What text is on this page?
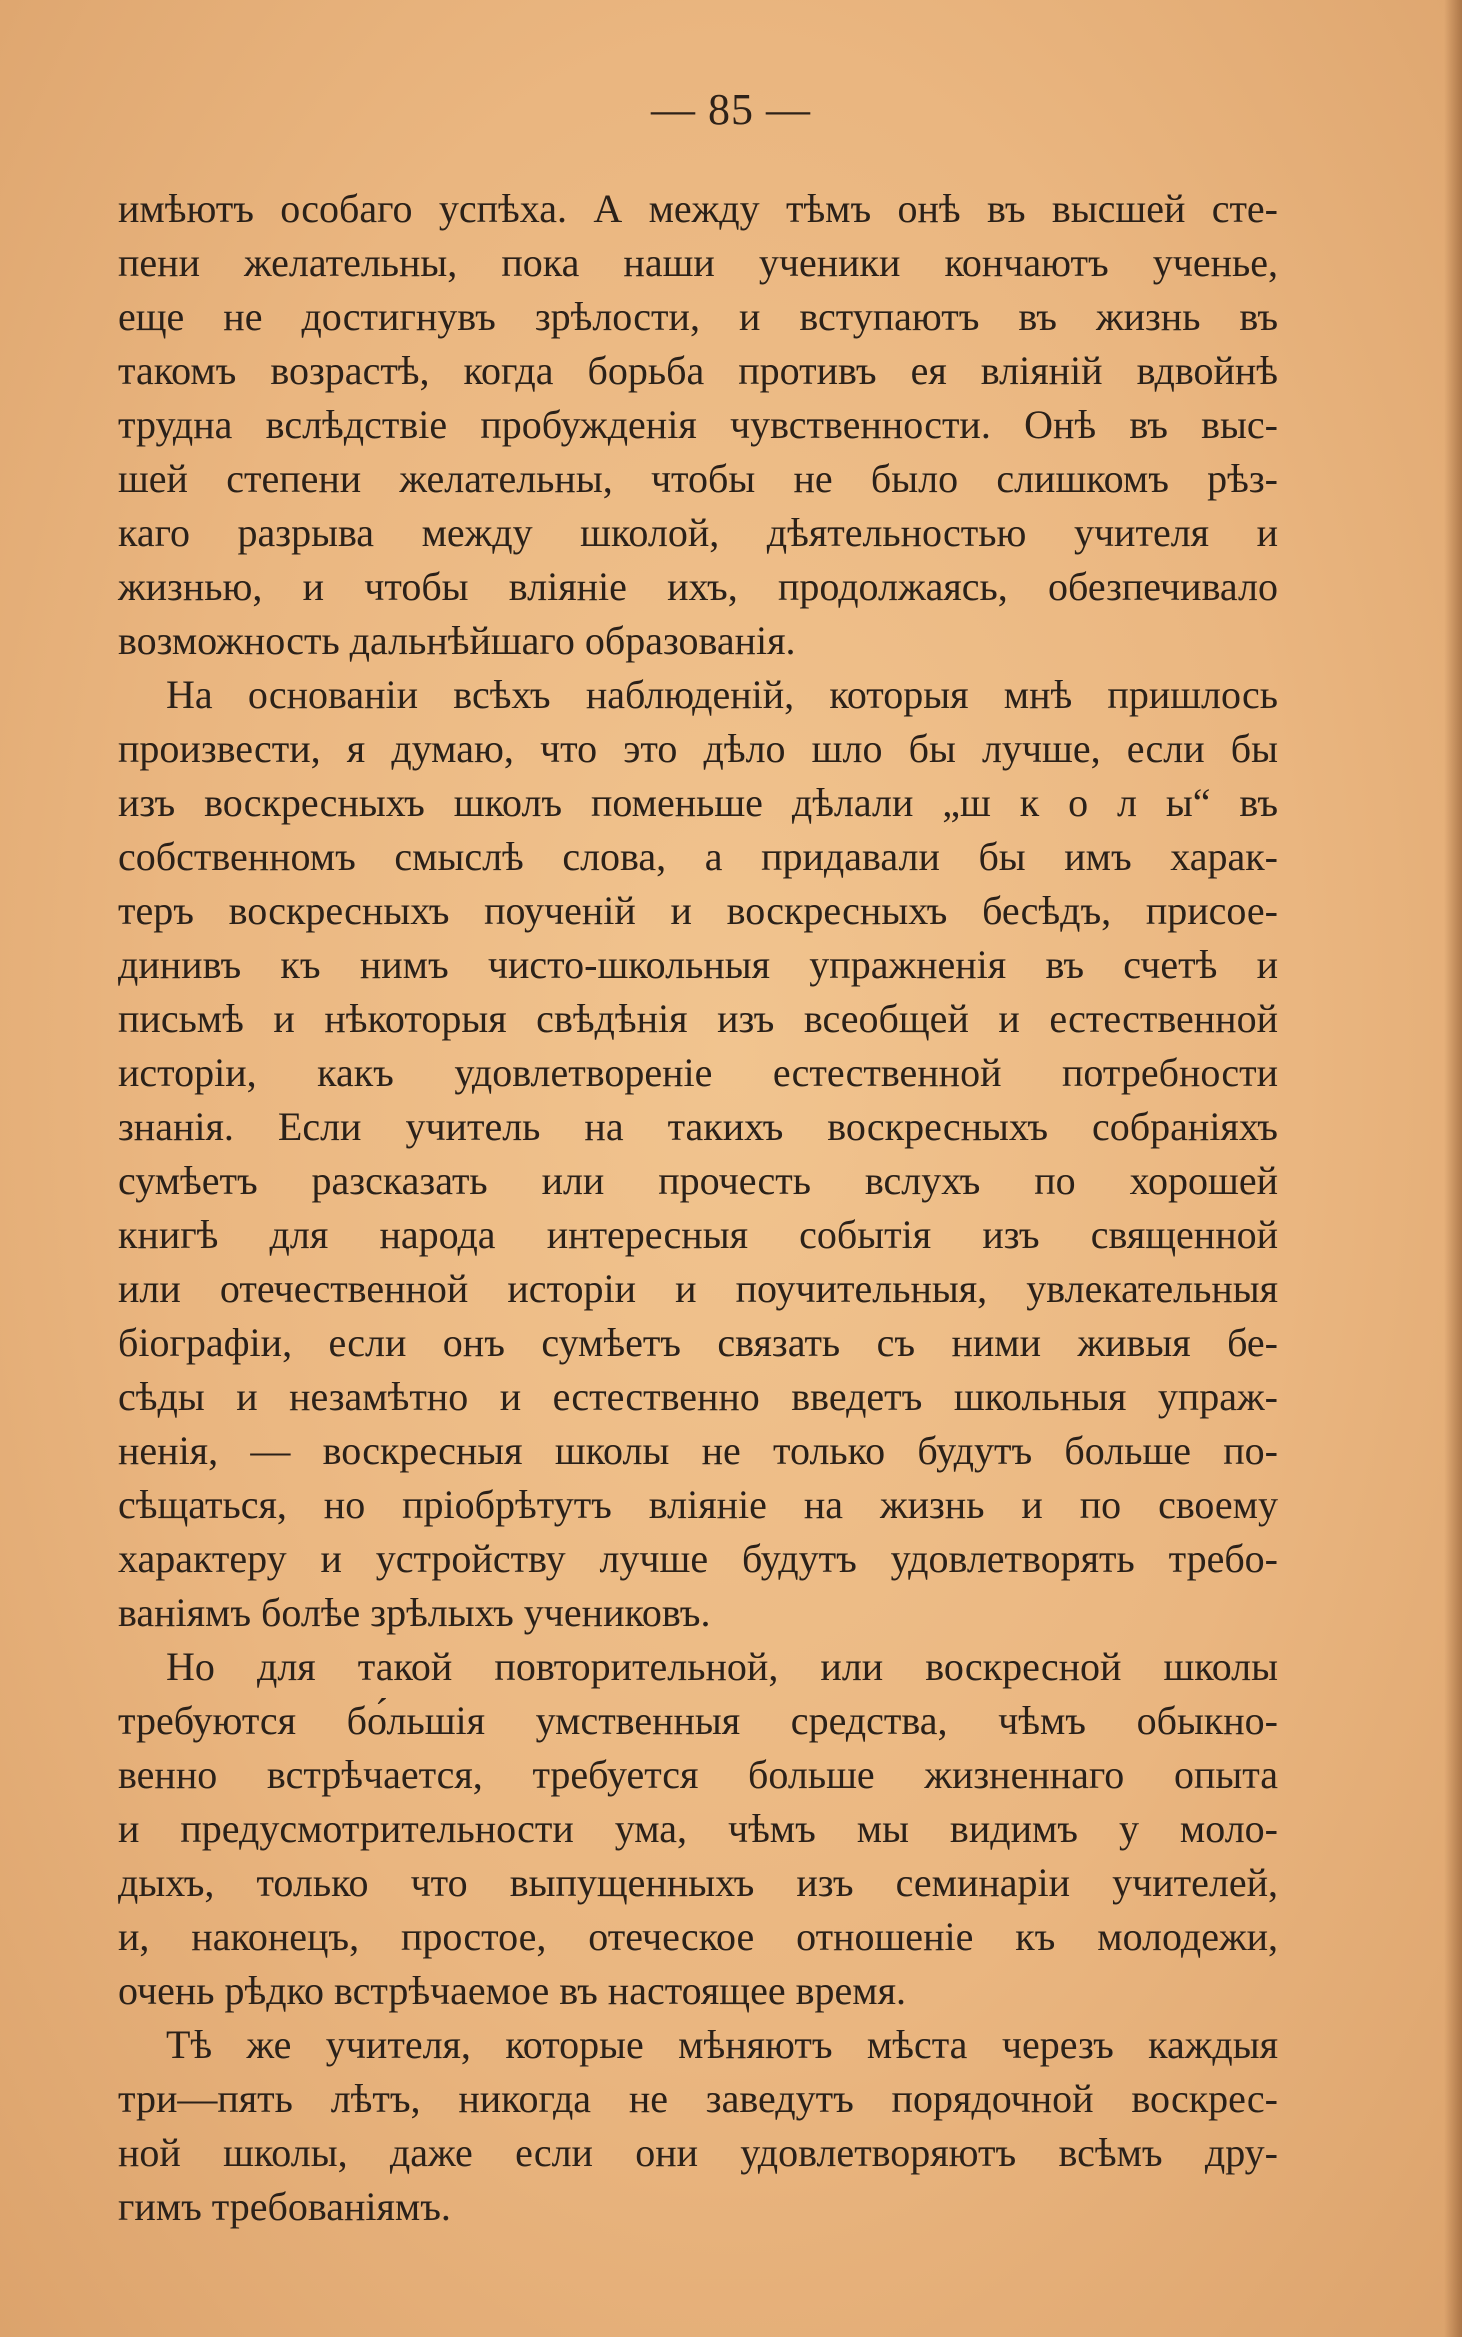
— 85 —
имѣютъ особаго успѣха. А между тѣмъ онѣ въ высшей сте-
пени желательны, пока наши ученики кончаютъ ученье,
еще не достигнувъ зрѣлости, и вступаютъ въ жизнь въ
такомъ возрастѣ, когда борьба противъ ея вліяній вдвойнѣ
трудна вслѣдствіе пробужденія чувственности. Онѣ въ выс-
шей степени желательны, чтобы не было слишкомъ рѣз-
каго разрыва между школой, дѣятельностью учителя и
жизнью, и чтобы вліяніе ихъ, продолжаясь, обезпечивало
возможность дальнѣйшаго образованія.
На основаніи всѣхъ наблюденій, которыя мнѣ пришлось
произвести, я думаю, что это дѣло шло бы лучше, если бы
изъ воскресныхъ школъ поменьше дѣлали „ш к о л ы“ въ
собственномъ смыслѣ слова, а придавали бы имъ харак-
теръ воскресныхъ поученій и воскресныхъ бесѣдъ, присое-
динивъ къ нимъ чисто-школьныя упражненія въ счетѣ и
письмѣ и нѣкоторыя свѣдѣнія изъ всеобщей и естественной
исторіи, какъ удовлетвореніе естественной потребности
знанія. Если учитель на такихъ воскресныхъ собраніяхъ
сумѣетъ разсказать или прочесть вслухъ по хорошей
книгѣ для народа интересныя событія изъ священной
или отечественной исторіи и поучительныя, увлекательныя
біографіи, если онъ сумѣетъ связать съ ними живыя бе-
сѣды и незамѣтно и естественно введетъ школьныя упраж-
ненія, — воскресныя школы не только будутъ больше по-
сѣщаться, но пріобрѣтутъ вліяніе на жизнь и по своему
характеру и устройству лучше будутъ удовлетворять требо-
ваніямъ болѣе зрѣлыхъ учениковъ.
Но для такой повторительной, или воскресной школы
требуются бо́льшія умственныя средства, чѣмъ обыкно-
венно встрѣчается, требуется больше жизненнаго опыта
и предусмотрительности ума, чѣмъ мы видимъ у моло-
дыхъ, только что выпущенныхъ изъ семинаріи учителей,
и, наконецъ, простое, отеческое отношеніе къ молодежи,
очень рѣдко встрѣчаемое въ настоящее время.
Тѣ же учителя, которые мѣняютъ мѣста черезъ каждыя
три—пять лѣтъ, никогда не заведутъ порядочной воскрес-
ной школы, даже если они удовлетворяютъ всѣмъ дру-
гимъ требованіямъ.
